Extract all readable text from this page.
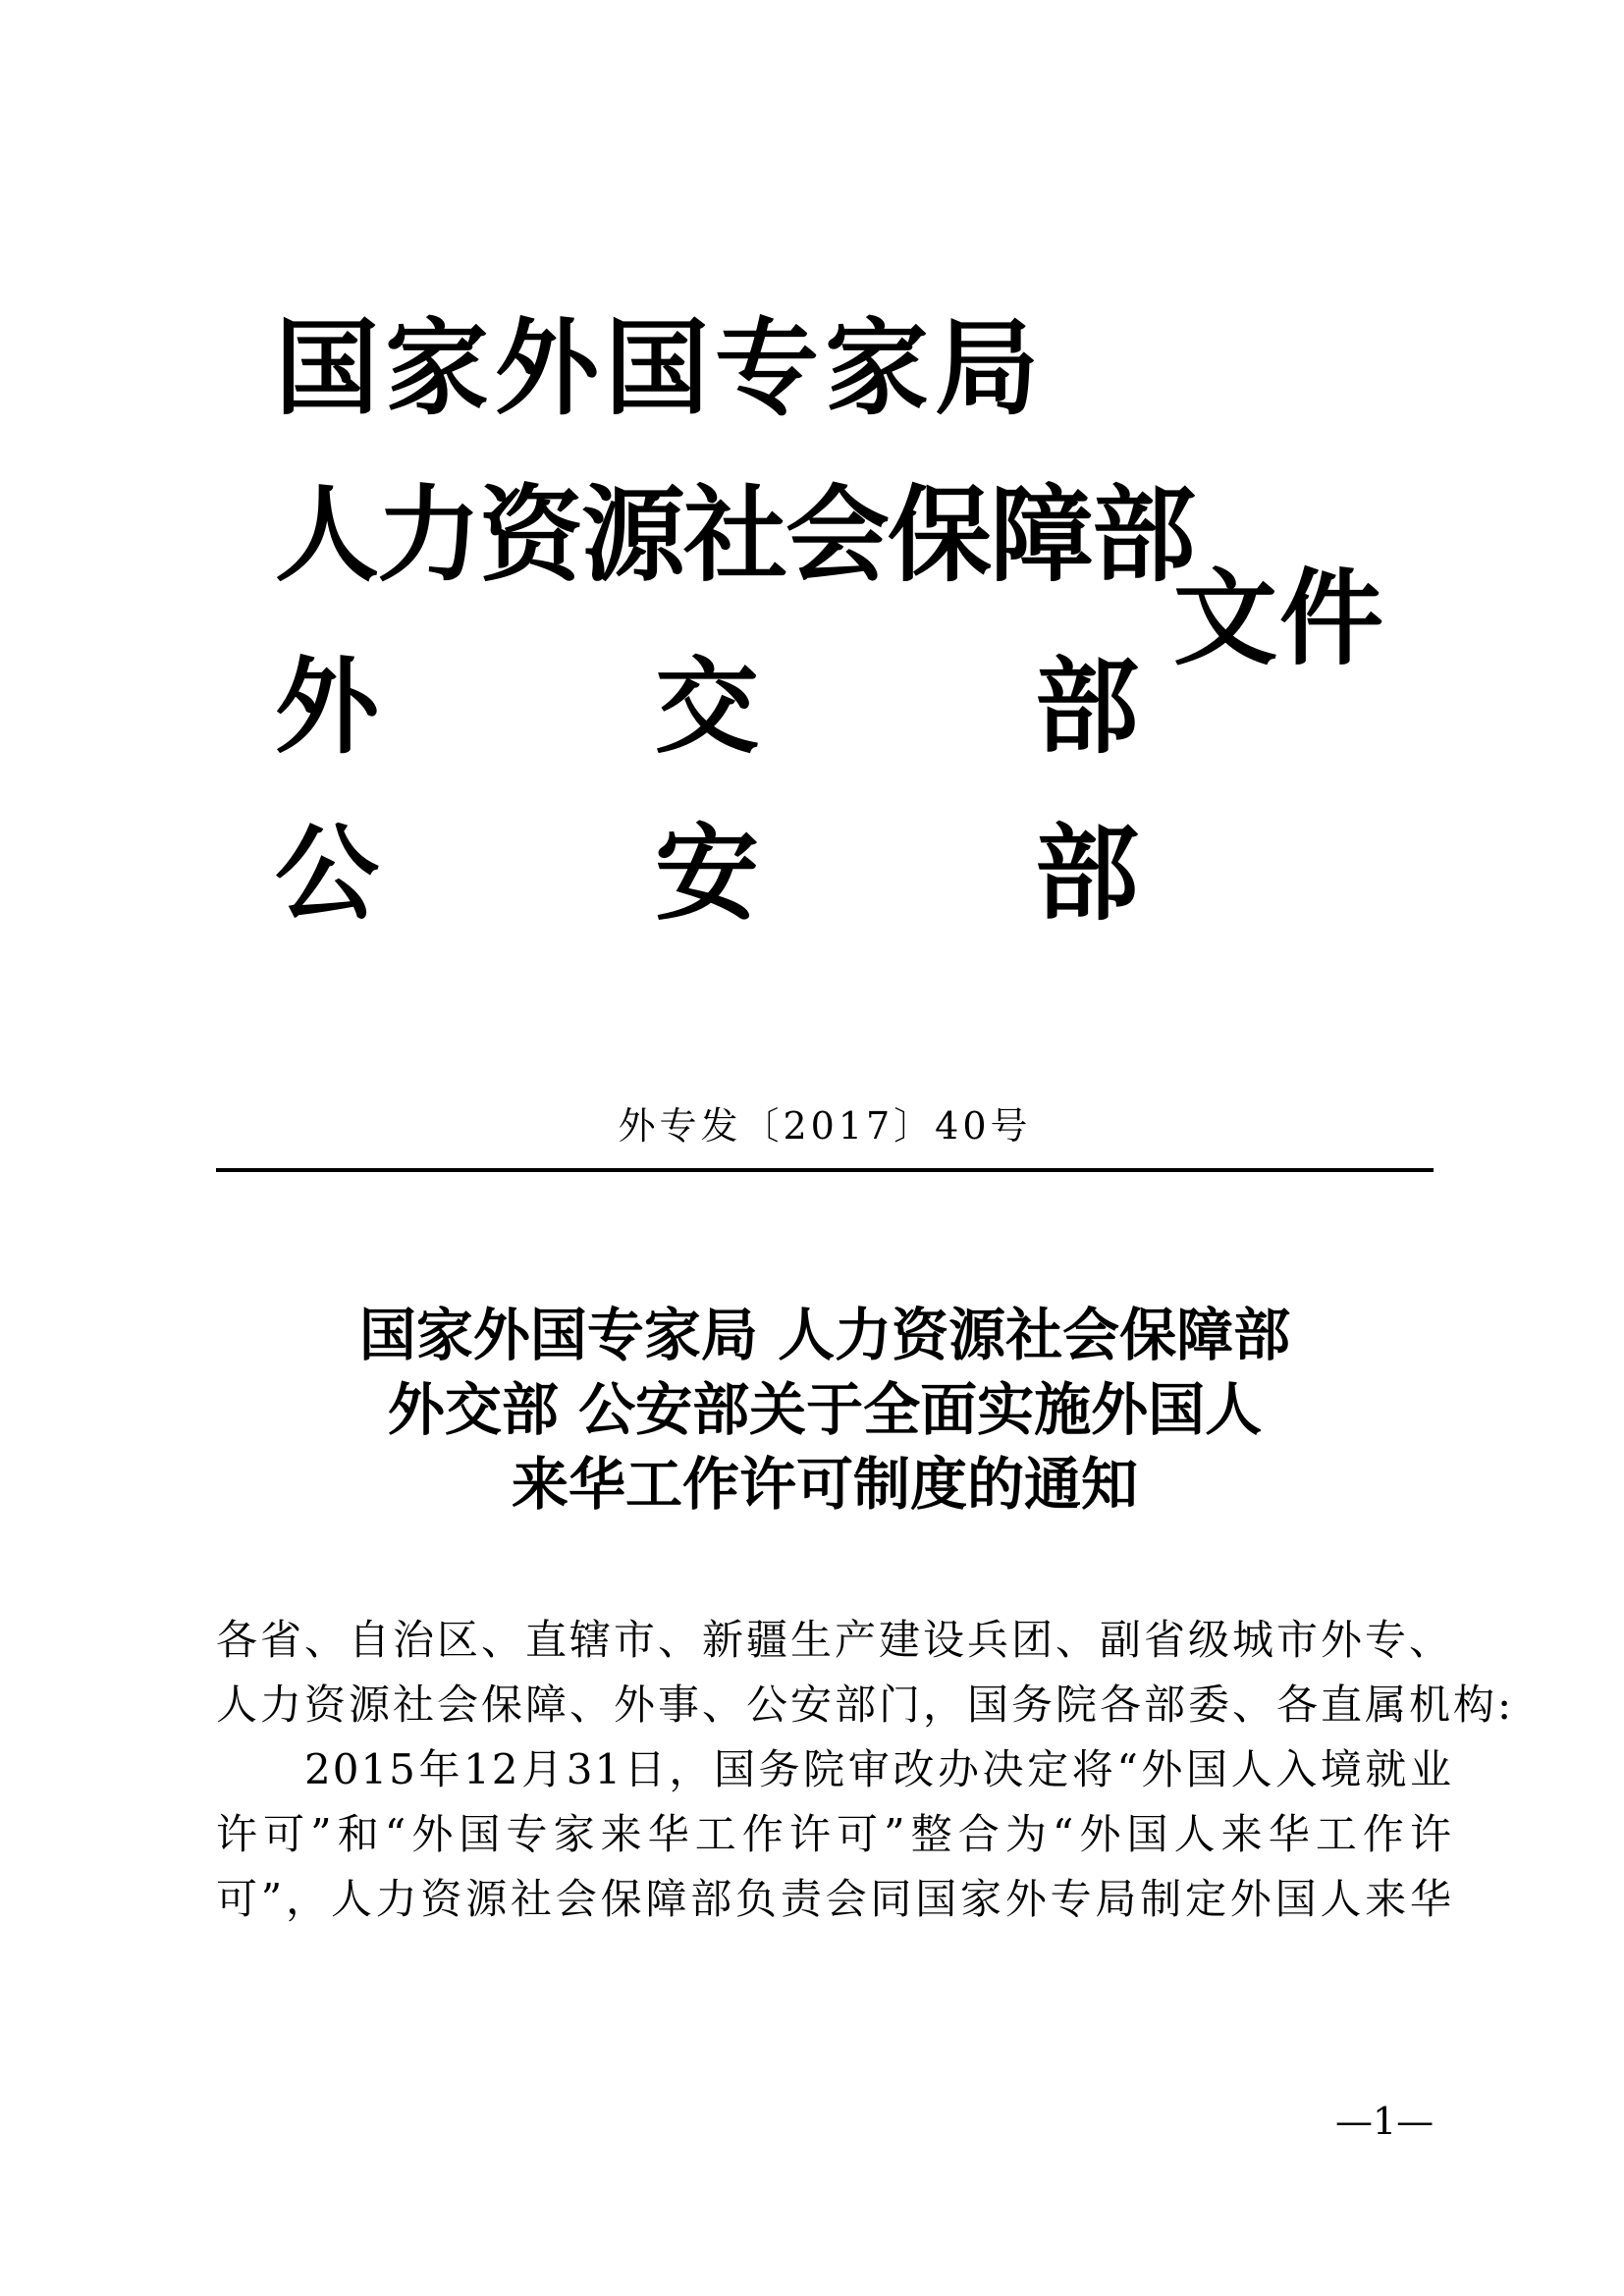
国家外国专家局
人力资源社会保障部
外	交	部
公	安	部
文件
外专发〔2017〕40号
国家外国专家局 人力资源社会保障部
外交部 公安部关于全面实施外国人
来华工作许可制度的通知
各省、自治区、直辖市、新疆生产建设兵团、副省级城市外专、
人力资源社会保障、外事、公安部门，国务院各部委、各直属机构:
2015年12月31日，国务院审改办决定将“外国人入境就业
许可”和“外国专家来华工作许可”整合为“外国人来华工作许
可”，人力资源社会保障部负责会同国家外专局制定外国人来华
—1—
